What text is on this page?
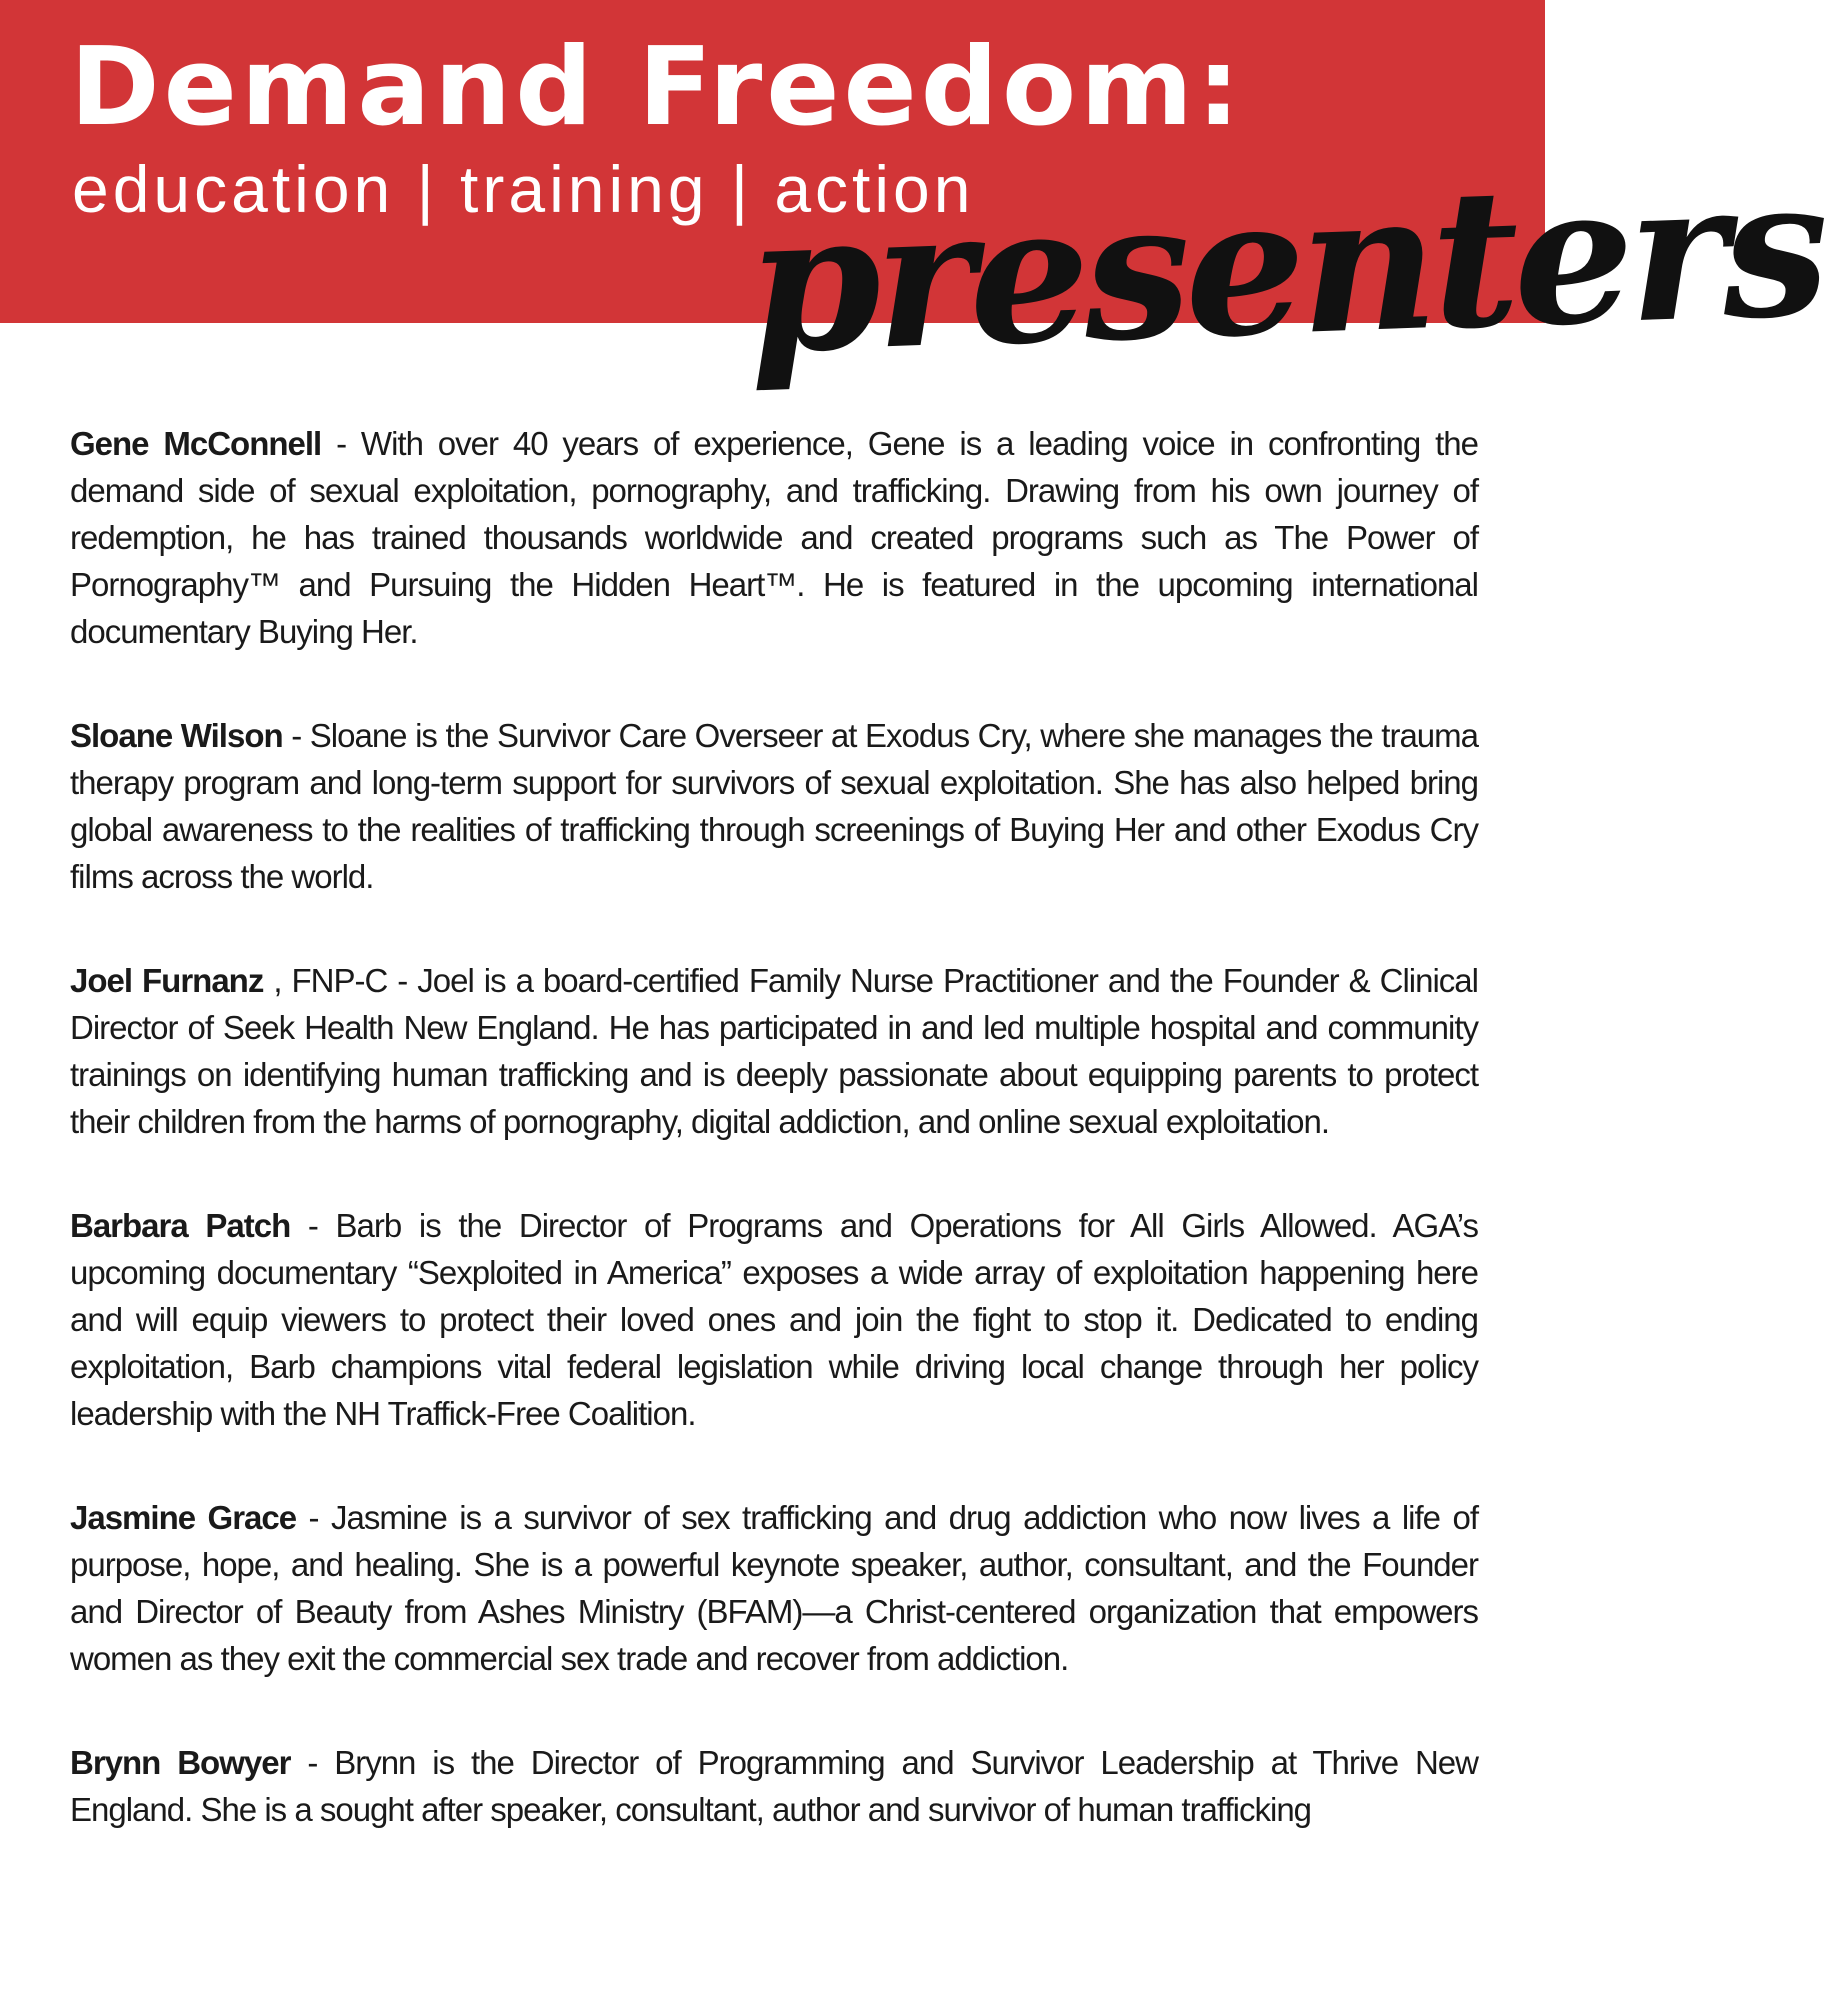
Demand Freedom:

education | training | action

presenters

Gene McConnell - With over 40 years of experience, Gene is a leading voice in confronting the demand side of sexual exploitation, pornography, and trafficking. Drawing from his own journey of redemption, he has trained thousands worldwide and created programs such as The Power of Pornography™ and Pursuing the Hidden Heart™. He is featured in the upcoming international documentary Buying Her.

Sloane Wilson - Sloane is the Survivor Care Overseer at Exodus Cry, where she manages the trauma therapy program and long-term support for survivors of sexual exploitation. She has also helped bring global awareness to the realities of trafficking through screenings of Buying Her and other Exodus Cry films across the world.

Joel Furnanz , FNP-C - Joel is a board-certified Family Nurse Practitioner and the Founder & Clinical Director of Seek Health New England. He has participated in and led multiple hospital and community trainings on identifying human trafficking and is deeply passionate about equipping parents to protect their children from the harms of pornography, digital addiction, and online sexual exploitation.

Barbara Patch - Barb is the Director of Programs and Operations for All Girls Allowed. AGA’s upcoming documentary “Sexploited in America” exposes a wide array of exploitation happening here and will equip viewers to protect their loved ones and join the fight to stop it. Dedicated to ending exploitation, Barb champions vital federal legislation while driving local change through her policy leadership with the NH Traffick-Free Coalition.

Jasmine Grace - Jasmine is a survivor of sex trafficking and drug addiction who now lives a life of purpose, hope, and healing. She is a powerful keynote speaker, author, consultant, and the Founder and Director of Beauty from Ashes Ministry (BFAM)—a Christ-centered organization that empowers women as they exit the commercial sex trade and recover from addiction.

Brynn Bowyer - Brynn is the Director of Programming and Survivor Leadership at Thrive New England. She is a sought after speaker, consultant, author and survivor of human trafficking
